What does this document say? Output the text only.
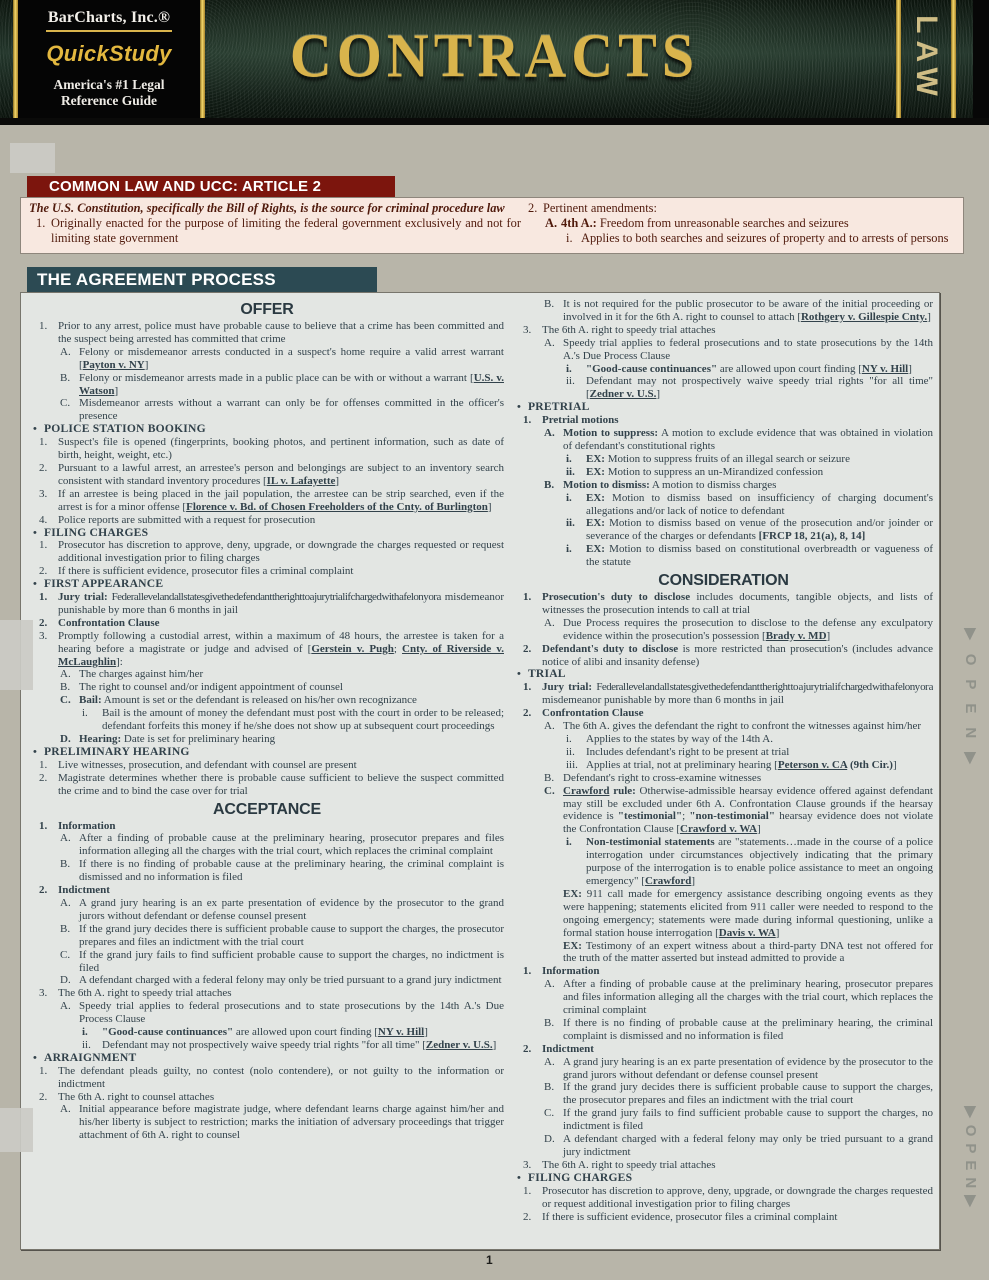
CONTRACTS
BarCharts, Inc.®
QuickStudy
America's #1 Legal
Reference Guide	LAW
COMMON LAW AND UCC: ARTICLE 2
The U.S. Constitution, specifically the Bill of Rights, is the source for criminal procedure law
1. Originally enacted for the purpose of limiting the federal government exclusively and not for limiting state government
2. Pertinent amendments:
A. 4th A.: Freedom from unreasonable searches and seizures
i. Applies to both searches and seizures of property and to arrests of persons
THE AGREEMENT PROCESS
OFFER
1. Prior to any arrest, police must have probable cause to believe that a crime has been committed and the suspect being arrested has committed that crime
A. Felony or misdemeanor arrests conducted in a suspect's home require a valid arrest warrant [Payton v. NY]
B. Felony or misdemeanor arrests made in a public place can be with or without a warrant [U.S. v. Watson]
C. Misdemeanor arrests without a warrant can only be for offenses committed in the officer's presence
• POLICE STATION BOOKING
1. Suspect's file is opened (fingerprints, booking photos, and pertinent information, such as date of birth, height, weight, etc.)
2. Pursuant to a lawful arrest, an arrestee's person and belongings are subject to an inventory search consistent with standard inventory procedures [IL v. Lafayette]
3. If an arrestee is being placed in the jail population, the arrestee can be strip searched, even if the arrest is for a minor offense [Florence v. Bd. of Chosen Freeholders of the Cnty. of Burlington]
4. Police reports are submitted with a request for prosecution
• FILING CHARGES
1. Prosecutor has discretion to approve, deny, upgrade, or downgrade the charges requested or request additional investigation prior to filing charges
2. If there is sufficient evidence, prosecutor files a criminal complaint
• FIRST APPEARANCE
1. Jury trial: Federal level and all states give the defendant the right to a jury trial if charged with a felony or a misdemeanor punishable by more than 6 months in jail
2. Confrontation Clause
3. Promptly following a custodial arrest, within a maximum of 48 hours, the arrestee is taken for a hearing before a magistrate or judge and advised of [Gerstein v. Pugh; Cnty. of Riverside v. McLaughlin]:
A. The charges against him/her
B. The right to counsel and/or indigent appointment of counsel
C. Bail: Amount is set or the defendant is released on his/her own recognizance
i. Bail is the amount of money the defendant must post with the court in order to be released; defendant forfeits this money if he/she does not show up at subsequent court proceedings
D. Hearing: Date is set for preliminary hearing
• PRELIMINARY HEARING
1. Live witnesses, prosecution, and defendant with counsel are present
2. Magistrate determines whether there is probable cause sufficient to believe the suspect committed the crime and to bind the case over for trial
ACCEPTANCE
1. Information
A. After a finding of probable cause at the preliminary hearing, prosecutor prepares and files information alleging all the charges with the trial court, which replaces the criminal complaint
B. If there is no finding of probable cause at the preliminary hearing, the criminal complaint is dismissed and no information is filed
2. Indictment
A. A grand jury hearing is an ex parte presentation of evidence by the prosecutor to the grand jurors without defendant or defense counsel present
B. If the grand jury decides there is sufficient probable cause to support the charges, the prosecutor prepares and files an indictment with the trial court
C. If the grand jury fails to find sufficient probable cause to support the charges, no indictment is filed
D. A defendant charged with a federal felony may only be tried pursuant to a grand jury indictment
3. The 6th A. right to speedy trial attaches
A. Speedy trial applies to federal prosecutions and to state prosecutions by the 14th A.'s Due Process Clause
i. "Good-cause continuances" are allowed upon court finding [NY v. Hill]
ii. Defendant may not prospectively waive speedy trial rights "for all time" [Zedner v. U.S.]
• ARRAIGNMENT
1. The defendant pleads guilty, no contest (nolo contendere), or not guilty to the information or indictment
2. The 6th A. right to counsel attaches
A. Initial appearance before magistrate judge, where defendant learns charge against him/her and his/her liberty is subject to restriction; marks the initiation of adversary proceedings that trigger attachment of 6th A. right to counsel
B. It is not required for the public prosecutor to be aware of the initial proceeding or involved in it for the 6th A. right to counsel to attach [Rothgery v. Gillespie Cnty.]
3. The 6th A. right to speedy trial attaches
A. Speedy trial applies to federal prosecutions and to state prosecutions by the 14th A.'s Due Process Clause
i. "Good-cause continuances" are allowed upon court finding [NY v. Hill]
ii. Defendant may not prospectively waive speedy trial rights "for all time" [Zedner v. U.S.]
• PRETRIAL
1. Pretrial motions
A. Motion to suppress: A motion to exclude evidence that was obtained in violation of defendant's constitutional rights
i. EX: Motion to suppress fruits of an illegal search or seizure
ii. EX: Motion to suppress an un-Mirandized confession
B. Motion to dismiss: A motion to dismiss charges
i. EX: Motion to dismiss based on insufficiency of charging document's allegations and/or lack of notice to defendant
ii. EX: Motion to dismiss based on venue of the prosecution and/or joinder or severance of the charges or defendants [FRCP 18, 21(a), 8, 14]
i. EX: Motion to dismiss based on constitutional overbreadth or vagueness of the statute
CONSIDERATION
1. Prosecution's duty to disclose includes documents, tangible objects, and lists of witnesses the prosecution intends to call at trial
A. Due Process requires the prosecution to disclose to the defense any exculpatory evidence within the prosecution's possession [Brady v. MD]
2. Defendant's duty to disclose is more restricted than prosecution's (includes advance notice of alibi and insanity defense)
• TRIAL
1. Jury trial: Federal level and all states give the defendant the right to a jury trial if charged with a felony or a misdemeanor punishable by more than 6 months in jail
2. Confrontation Clause
A. The 6th A. gives the defendant the right to confront the witnesses against him/her
i. Applies to the states by way of the 14th A.
ii. Includes defendant's right to be present at trial
iii. Applies at trial, not at preliminary hearing [Peterson v. CA (9th Cir.)]
B. Defendant's right to cross-examine witnesses
C. Crawford rule: Otherwise-admissible hearsay evidence offered against defendant may still be excluded under 6th A. Confrontation Clause grounds if the hearsay evidence is "testimonial"; "non-testimonial" hearsay evidence does not violate the Confrontation Clause [Crawford v. WA]
i. Non-testimonial statements are "statements…made in the course of a police interrogation under circumstances objectively indicating that the primary purpose of the interrogation is to enable police assistance to meet an ongoing emergency" [Crawford]
EX: 911 call made for emergency assistance describing ongoing events as they were happening; statements elicited from 911 caller were needed to respond to the ongoing emergency; statements were made during informal questioning, unlike a formal station house interrogation [Davis v. WA]
EX: Testimony of an expert witness about a third-party DNA test not offered for the truth of the matter asserted but instead admitted to provide a
1. Information
A. After a finding of probable cause at the preliminary hearing, prosecutor prepares and files information alleging all the charges with the trial court, which replaces the criminal complaint
B. If there is no finding of probable cause at the preliminary hearing, the criminal complaint is dismissed and no information is filed
2. Indictment
A. A grand jury hearing is an ex parte presentation of evidence by the prosecutor to the grand jurors without defendant or defense counsel present
B. If the grand jury decides there is sufficient probable cause to support the charges, the prosecutor prepares and files an indictment with the trial court
C. If the grand jury fails to find sufficient probable cause to support the charges, no indictment is filed
D. A defendant charged with a federal felony may only be tried pursuant to a grand jury indictment
3. The 6th A. right to speedy trial attaches
• FILING CHARGES
1. Prosecutor has discretion to approve, deny, upgrade, or downgrade the charges requested or request additional investigation prior to filing charges
2. If there is sufficient evidence, prosecutor files a criminal complaint
▶OPEN▶
▶OPEN▶
1
